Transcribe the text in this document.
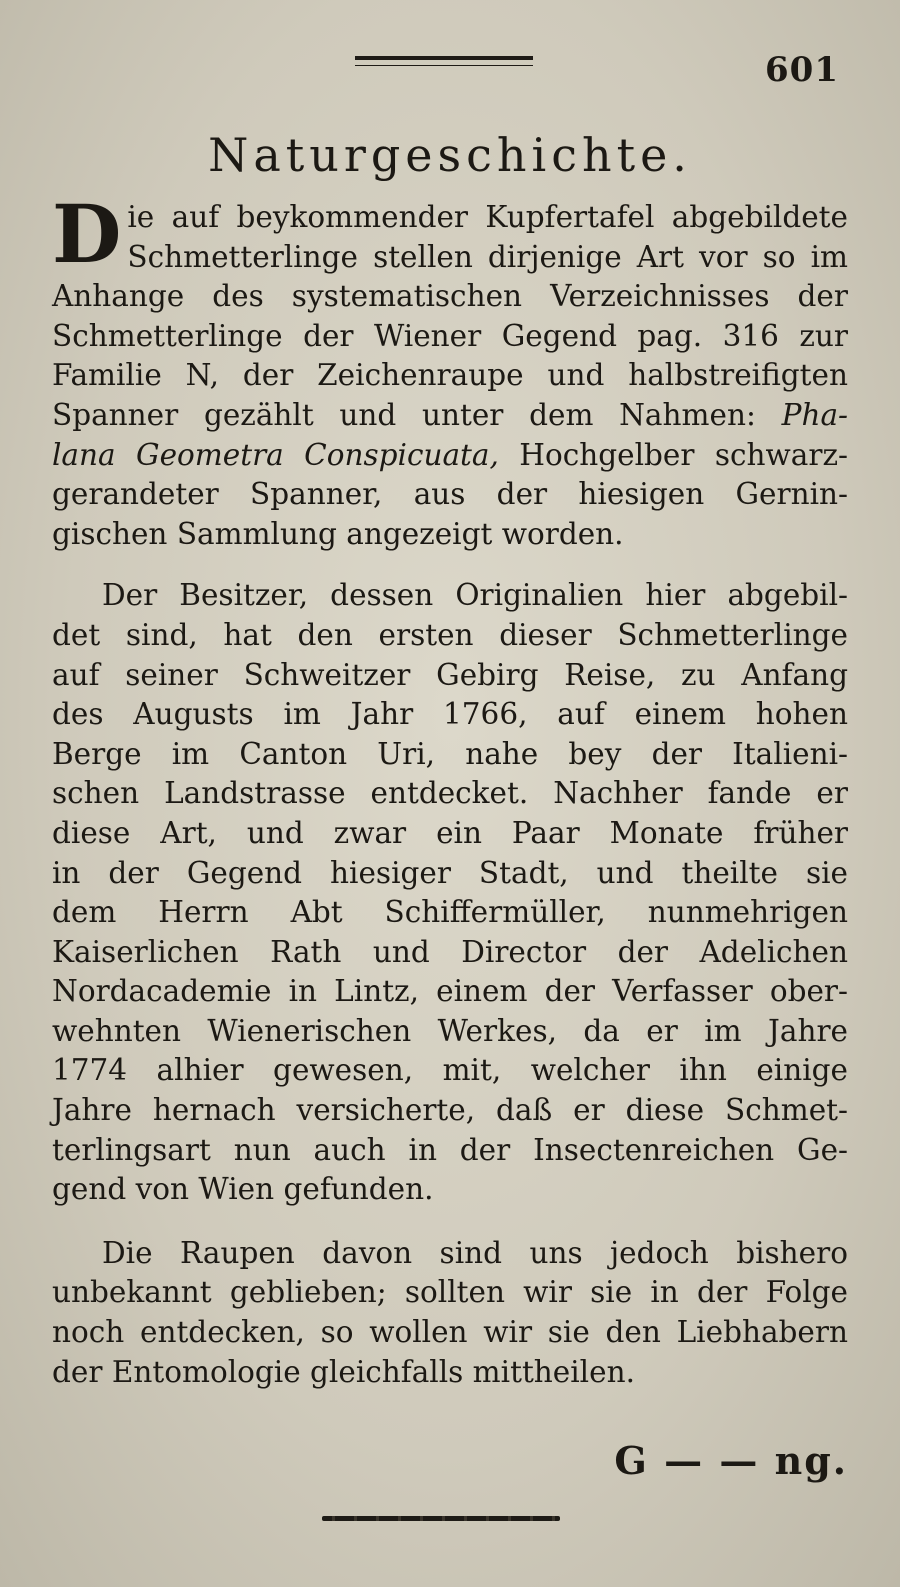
601
Naturgeschichte.
D ie auf beykommender Kupfertafel abgebildete
Schmetterlinge stellen dirjenige Art vor so im
Anhange des systematischen Verzeichnisses der
Schmetterlinge der Wiener Gegend pag. 316 zur
Familie N, der Zeichenraupe und halbstreifigten
Spanner gezählt und unter dem Nahmen: Pha-
lana Geometra Conspicuata, Hochgelber schwarz-
gerandeter Spanner, aus der hiesigen Gernin-
gischen Sammlung angezeigt worden.
Der Besitzer, dessen Originalien hier abgebil-
det sind, hat den ersten dieser Schmetterlinge
auf seiner Schweitzer Gebirg Reise, zu Anfang
des Augusts im Jahr 1766, auf einem hohen
Berge im Canton Uri, nahe bey der Italieni-
schen Landstrasse entdecket. Nachher fande er
diese Art, und zwar ein Paar Monate früher
in der Gegend hiesiger Stadt, und theilte sie
dem Herrn Abt Schiffermüller, nunmehrigen
Kaiserlichen Rath und Director der Adelichen
Nordacademie in Lintz, einem der Verfasser ober-
wehnten Wienerischen Werkes, da er im Jahre
1774 alhier gewesen, mit, welcher ihn einige
Jahre hernach versicherte, daß er diese Schmet-
terlingsart nun auch in der Insectenreichen Ge-
gend von Wien gefunden.
Die Raupen davon sind uns jedoch bishero
unbekannt geblieben; sollten wir sie in der Folge
noch entdecken, so wollen wir sie den Liebhabern
der Entomologie gleichfalls mittheilen.
G — — ng.
